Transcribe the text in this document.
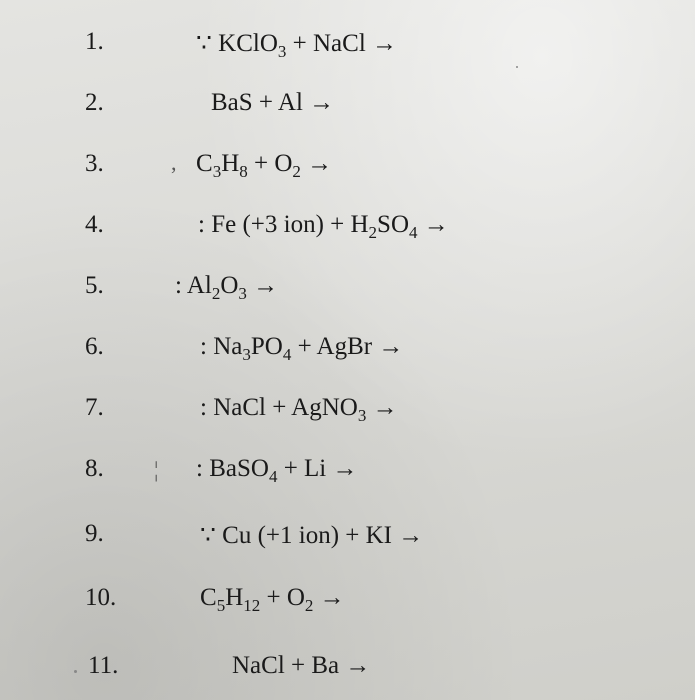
1.	∵ KClO$_3$ + NaCl →
2.	BaS + Al →
3.	, $C_3H_8 + O_2$ →
4.	: Fe (+3 $ion) + H_2SO_4$ →
5.	: $Al_2O_3$ →
6.	: $Na_3PO_4$ + AgBr →
7.	: NaCl + AgNO$_3$ →
8. ¦ : BaSO$_4$ + Li →
9.	∵ Cu (+1 ion) + KI →
10.	$C_5H_{12} + O_2$ →
11.	NaCl + Ba →
